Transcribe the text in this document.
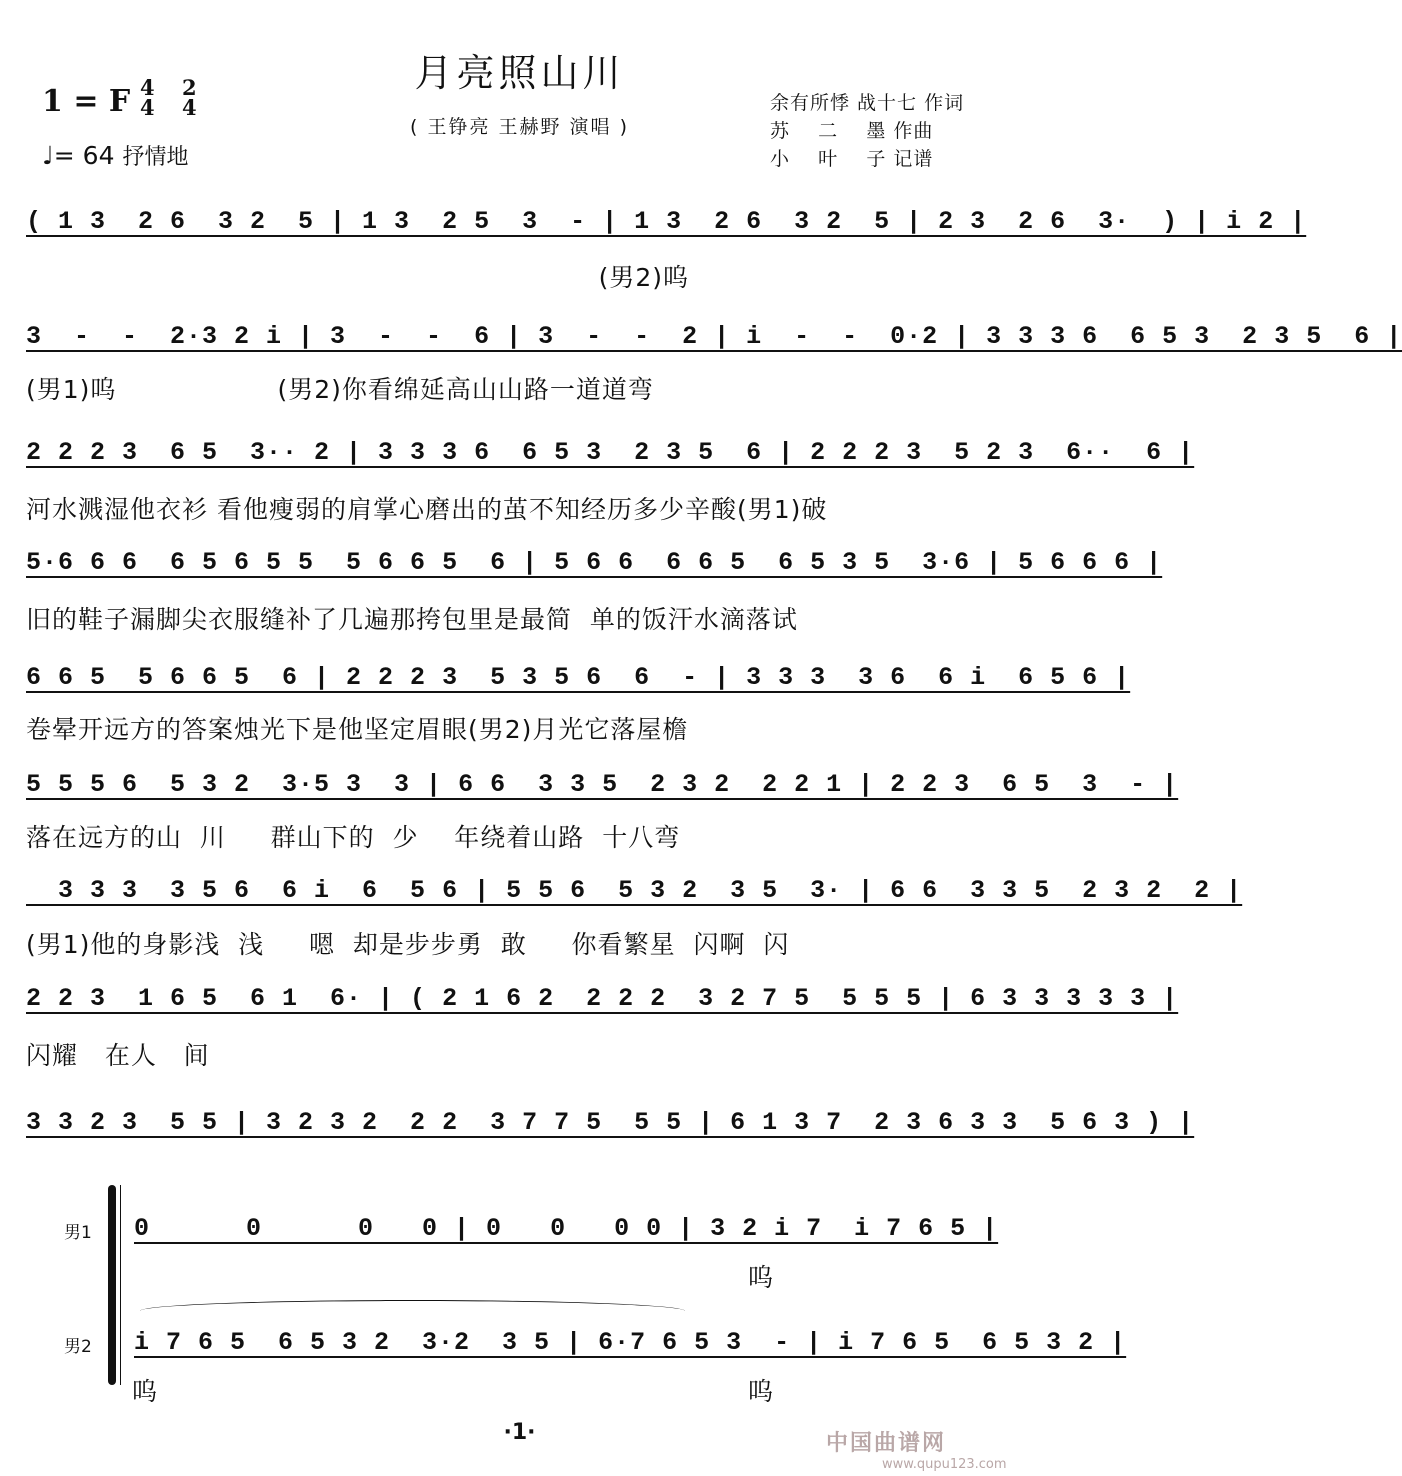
月亮照山川
( 王铮亮 王赫野 演唱 )
1 = F 4
4
2
4
♩= 64 抒情地
余有所悸 战十七 作词
苏    二    墨 作曲
小    叶    子 记谱
( 1 3  2 6  3 2  5 | 1 3  2 5  3  - | 1 3  2 6  3 2  5 | 2 3  2 6  3·  ) | i 2 |
(男2)呜
3  -  -  2·3 2 i | 3  -  -  6 | 3  -  -  2 | i  -  -  0·2 | 3 3 3 6  6 5 3  2 3 5  6 |
(男1)呜                  (男2)你看绵延高山山路一道道弯
2 2 2 3  6 5  3·· 2 | 3 3 3 6  6 5 3  2 3 5  6 | 2 2 2 3  5 2 3  6··  6 |
河水溅湿他衣衫 看他瘦弱的肩掌心磨出的茧不知经历多少辛酸(男1)破
5·6 6 6  6 5 6 5 5  5 6 6 5  6 | 5 6 6  6 6 5  6 5 3 5  3·6 | 5 6 6 6 |
旧的鞋子漏脚尖衣服缝补了几遍那挎包里是最简  单的饭汗水滴落试
6 6 5  5 6 6 5  6 | 2 2 2 3  5 3 5 6  6  - | 3 3 3  3 6  6 i  6 5 6 |
卷晕开远方的答案烛光下是他坚定眉眼(男2)月光它落屋檐
5 5 5 6  5 3 2  3·5 3  3 | 6 6  3 3 5  2 3 2  2 2 1 | 2 2 3  6 5  3  - |
落在远方的山  川     群山下的  少    年绕着山路  十八弯
3 3 3  3 5 6  6 i  6  5 6 | 5 5 6  5 3 2  3 5  3· | 6 6  3 3 5  2 3 2  2 |
(男1)他的身影浅  浅     嗯  却是步步勇  敢     你看繁星  闪啊  闪
2 2 3  1 6 5  6 1  6· | ( 2 1 6 2  2 2 2  3 2 7 5  5 5 5 | 6 3 3 3 3 3 |
闪耀   在人   间
3 3 2 3  5 5 | 3 2 3 2  2 2  3 7 7 5  5 5 | 6 1 3 7  2 3 6 3 3  5 6 3 ) |
男1 0      0      0   0 | 0   0   0 0 | 3 2 i 7  i 7 6 5 |
呜
男2 i 7 6 5  6 5 3 2  3·2  3 5 | 6·7 6 5 3  - | i 7 6 5  6 5 3 2 |
呜	呜
·1·	中国曲谱网
www.qupu123.com
